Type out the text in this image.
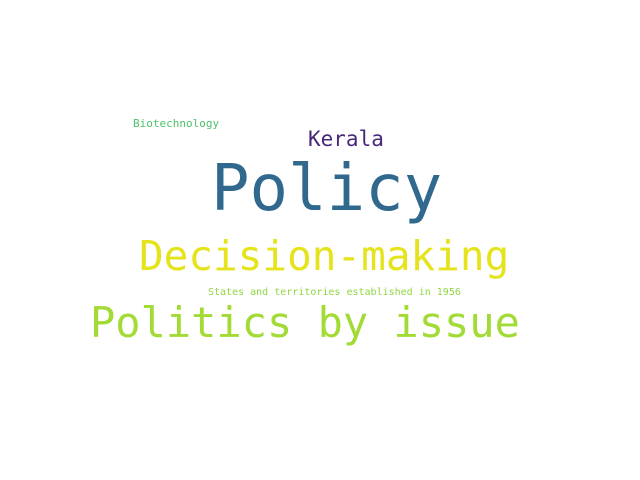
Biotechnology
Kerala
Policy
Decision-making
States and territories established in 1956
Politics by issue
